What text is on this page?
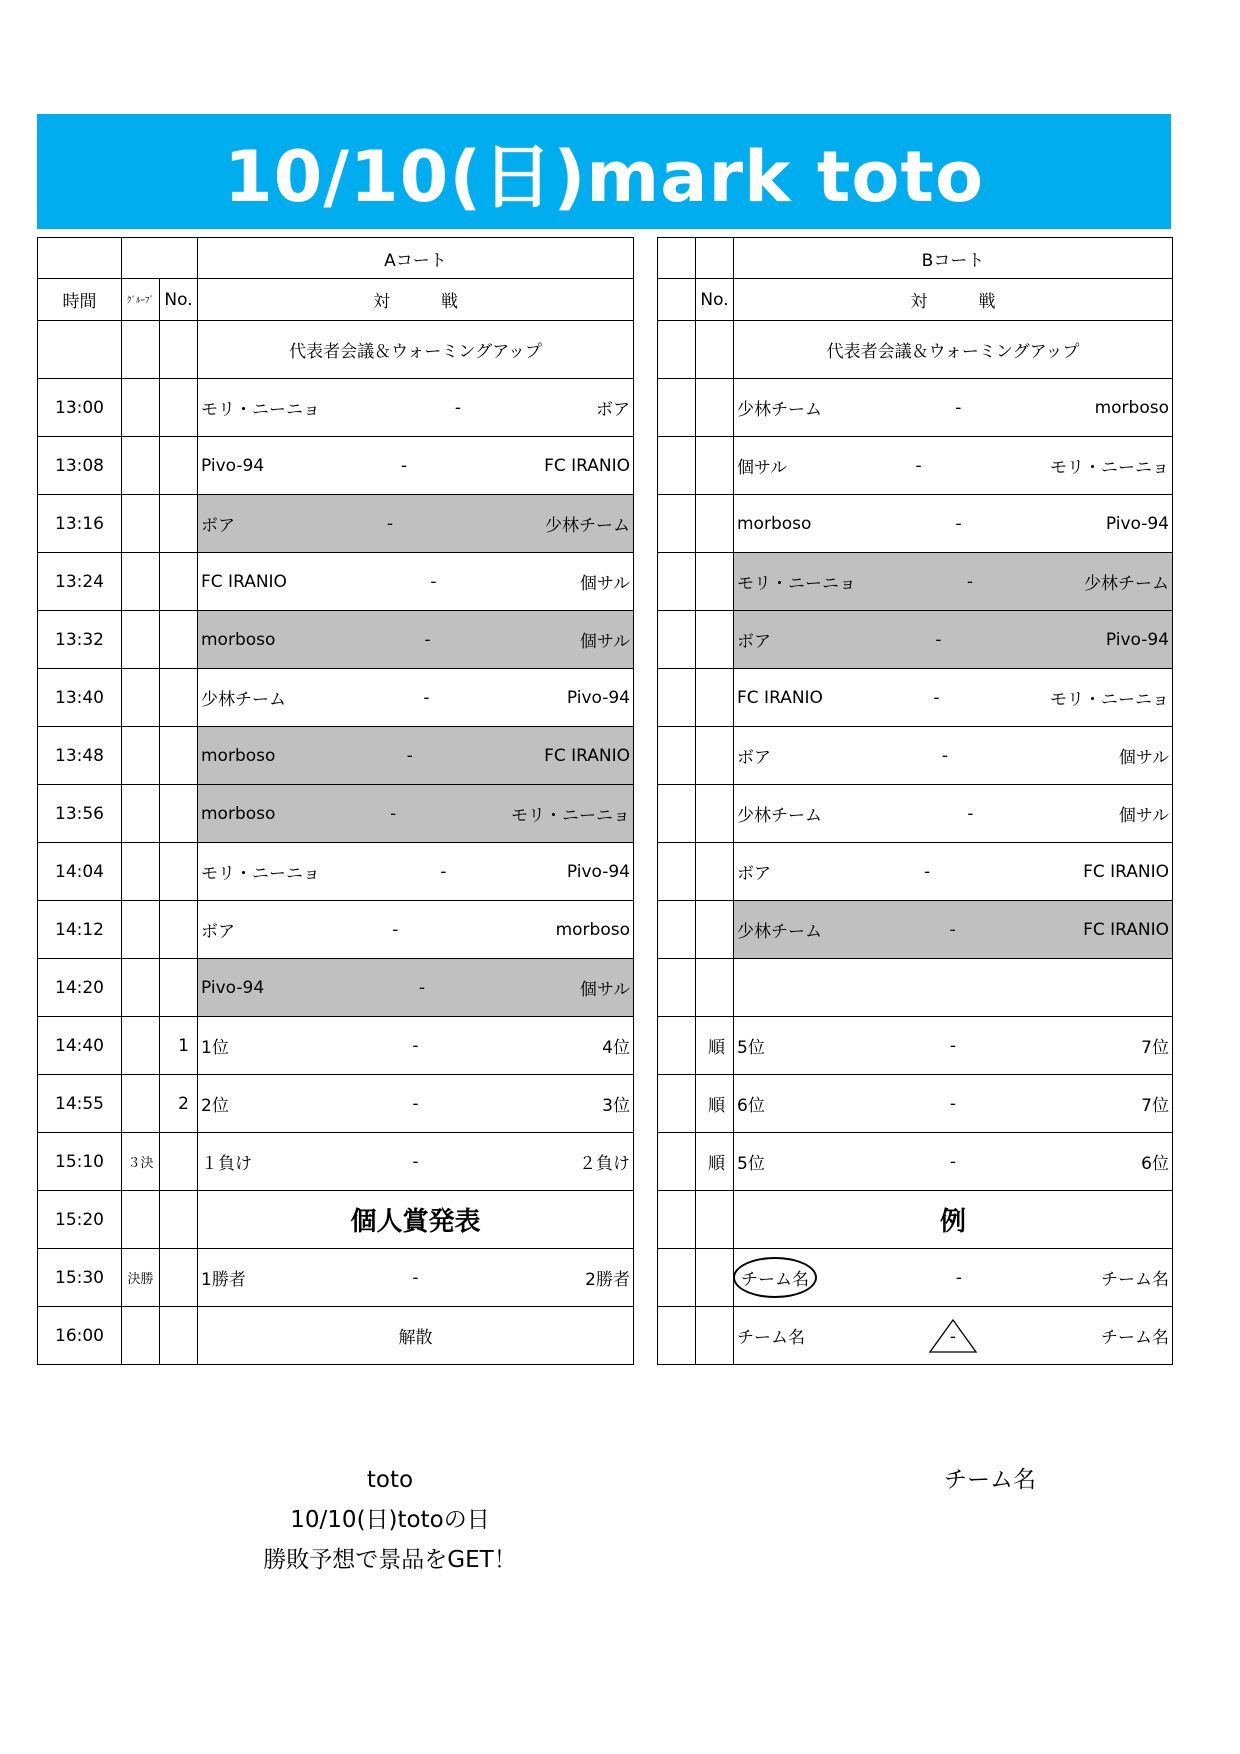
10/10(日)mark toto
			Aコート
時間	ｸﾞﾙｰﾌﾟ	No.	対　　　戦
			代表者会議＆ウォーミングアップ
13:00			モリ・ニーニョ - ボア

13:08			Pivo-94 - FC IRANIO

13:16			ボア - 少林チーム

13:24			FC IRANIO - 個サル

13:32			morboso - 個サル

13:40			少林チーム - Pivo-94

13:48			morboso - FC IRANIO

13:56			morboso - モリ・ニーニョ

14:04			モリ・ニーニョ - Pivo-94

14:12			ボア - morboso

14:20			Pivo-94 - 個サル

14:40		1	1位 - 4位

14:55		2	2位 - 3位

15:10	３決		１負け - ２負け

15:20			個人賞発表
15:30	決勝		1勝者 - 2勝者

16:00			解散
		Bコート
	No.	対　　　戦
		代表者会議＆ウォーミングアップ

		少林チーム - morboso

		個サル - モリ・ニーニョ

		morboso - Pivo-94

		モリ・ニーニョ - 少林チーム

		ボア - Pivo-94

		FC IRANIO - モリ・ニーニョ

		ボア - 個サル

		少林チーム - 個サル

		ボア - FC IRANIO

		少林チーム - FC IRANIO

	順	5位 - 7位

	順	6位 - 7位

	順	5位 - 6位

		例

		チーム名 - チーム名

		チーム名 - チーム名
toto
10/10(日)totoの日
勝敗予想で景品をGET！
チーム名
